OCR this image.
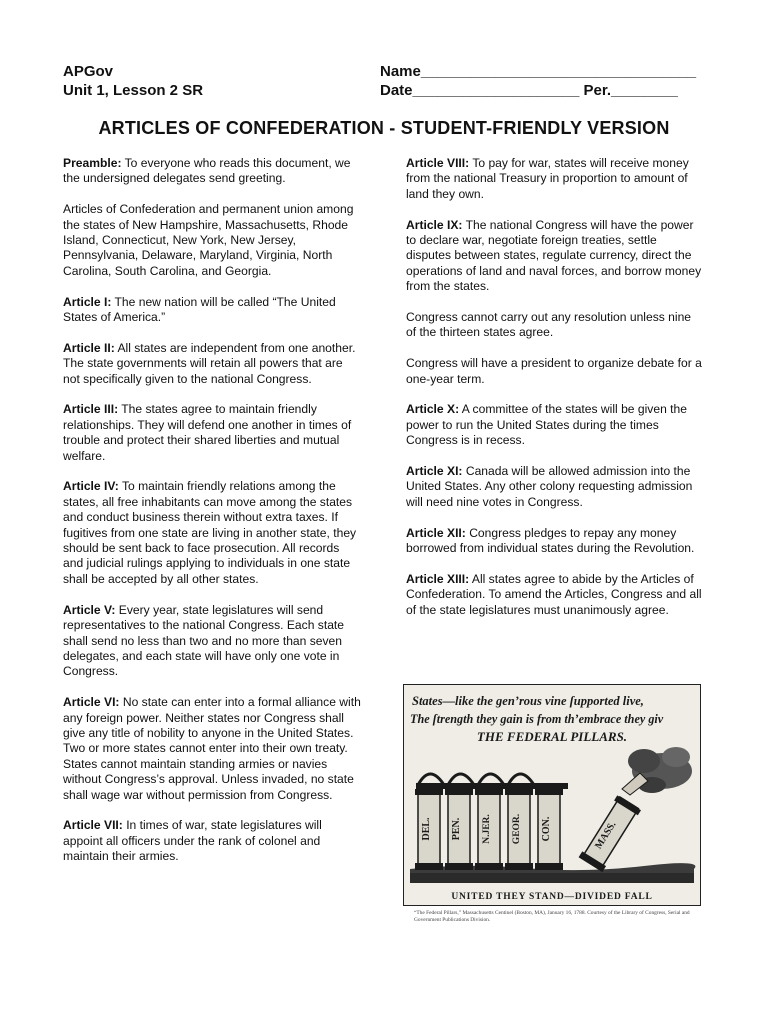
APGov
Unit 1, Lesson 2 SR
Name_________________________________
Date____________________ Per.________
ARTICLES OF CONFEDERATION - STUDENT-FRIENDLY VERSION

Preamble: To everyone who reads this document, we the undersigned delegates send greeting.

Articles of Confederation and permanent union among the states of New Hampshire, Massachusetts, Rhode Island, Connecticut, New York, New Jersey, Pennsylvania, Delaware, Maryland, Virginia, North Carolina, South Carolina, and Georgia.

Article I: The new nation will be called “The United States of America.”

Article II: All states are independent from one another. The state governments will retain all powers that are not specifically given to the national Congress.

Article III: The states agree to maintain friendly relationships. They will defend one another in times of trouble and protect their shared liberties and mutual welfare.

Article IV: To maintain friendly relations among the states, all free inhabitants can move among the states and conduct business therein without extra taxes. If fugitives from one state are living in another state, they should be sent back to face prosecution. All records and judicial rulings applying to individuals in one state shall be accepted by all other states.

Article V: Every year, state legislatures will send representatives to the national Congress. Each state shall send no less than two and no more than seven delegates, and each state will have only one vote in Congress.

Article VI: No state can enter into a formal alliance with any foreign power. Neither states nor Congress shall give any title of nobility to anyone in the United States. Two or more states cannot enter into their own treaty. States cannot maintain standing armies or navies without Congress’s approval. Unless invaded, no state shall wage war without permission from Congress.

Article VII: In times of war, state legislatures will appoint all officers under the rank of colonel and maintain their armies.

Article VIII: To pay for war, states will receive money from the national Treasury in proportion to amount of land they own.

Article IX: The national Congress will have the power to declare war, negotiate foreign treaties, settle disputes between states, regulate currency, direct the operations of land and naval forces, and borrow money from the states.

Congress cannot carry out any resolution unless nine of the thirteen states agree.

Congress will have a president to organize debate for a one-year term.

Article X: A committee of the states will be given the power to run the United States during the times Congress is in recess.

Article XI: Canada will be allowed admission into the United States. Any other colony requesting admission will need nine votes in Congress.

Article XII: Congress pledges to repay any money borrowed from individual states during the Revolution.

Article XIII: All states agree to abide by the Articles of Confederation. To amend the Articles, Congress and all of the state legislatures must unanimously agree.

States—like the gen’rous vine ſupported live,
The ſtrength they gain is from th’embrace they giv
THE FEDERAL PILLARS.
DEL. PEN. N.JER. GEOR. CON.	MASS.
UNITED THEY STAND—DIVIDED FALL
“The Federal Pillars,” Massachusetts Centinel (Boston, MA), January 16, 1788. Courtesy of the Library of Congress, Serial and Government Publications Division.
